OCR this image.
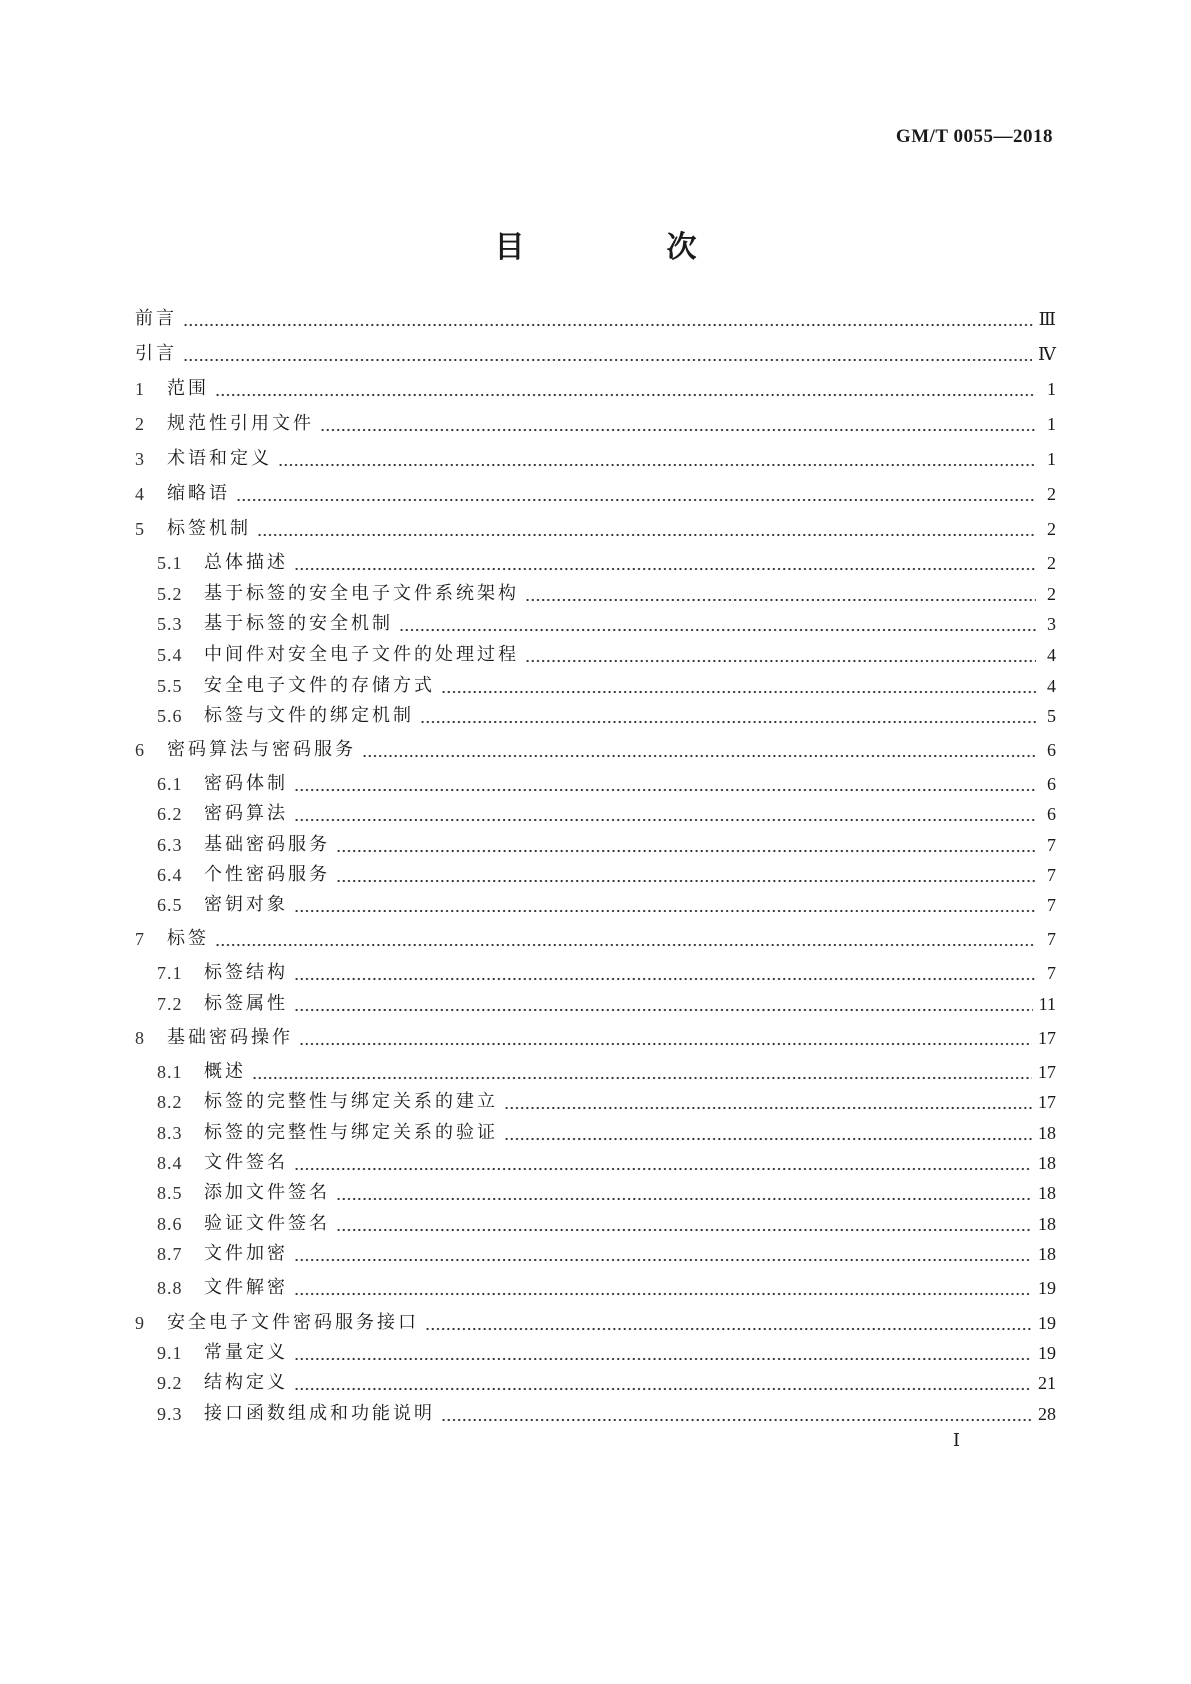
GM/T 0055—2018
目　次
前言	Ⅲ
引言	Ⅳ
1	范围	1
2	规范性引用文件	1
3	术语和定义	1
4	缩略语	2
5	标签机制	2
5.1	总体描述	2
5.2	基于标签的安全电子文件系统架构	2
5.3	基于标签的安全机制	3
5.4	中间件对安全电子文件的处理过程	4
5.5	安全电子文件的存储方式	4
5.6	标签与文件的绑定机制	5
6	密码算法与密码服务	6
6.1	密码体制	6
6.2	密码算法	6
6.3	基础密码服务	7
6.4	个性密码服务	7
6.5	密钥对象	7
7	标签	7
7.1	标签结构	7
7.2	标签属性	11
8	基础密码操作	17
8.1	概述	17
8.2	标签的完整性与绑定关系的建立	17
8.3	标签的完整性与绑定关系的验证	18
8.4	文件签名	18
8.5	添加文件签名	18
8.6	验证文件签名	18
8.7	文件加密	18
8.8	文件解密	19
9	安全电子文件密码服务接口	19
9.1	常量定义	19
9.2	结构定义	21
9.3	接口函数组成和功能说明	28
Ⅰ
